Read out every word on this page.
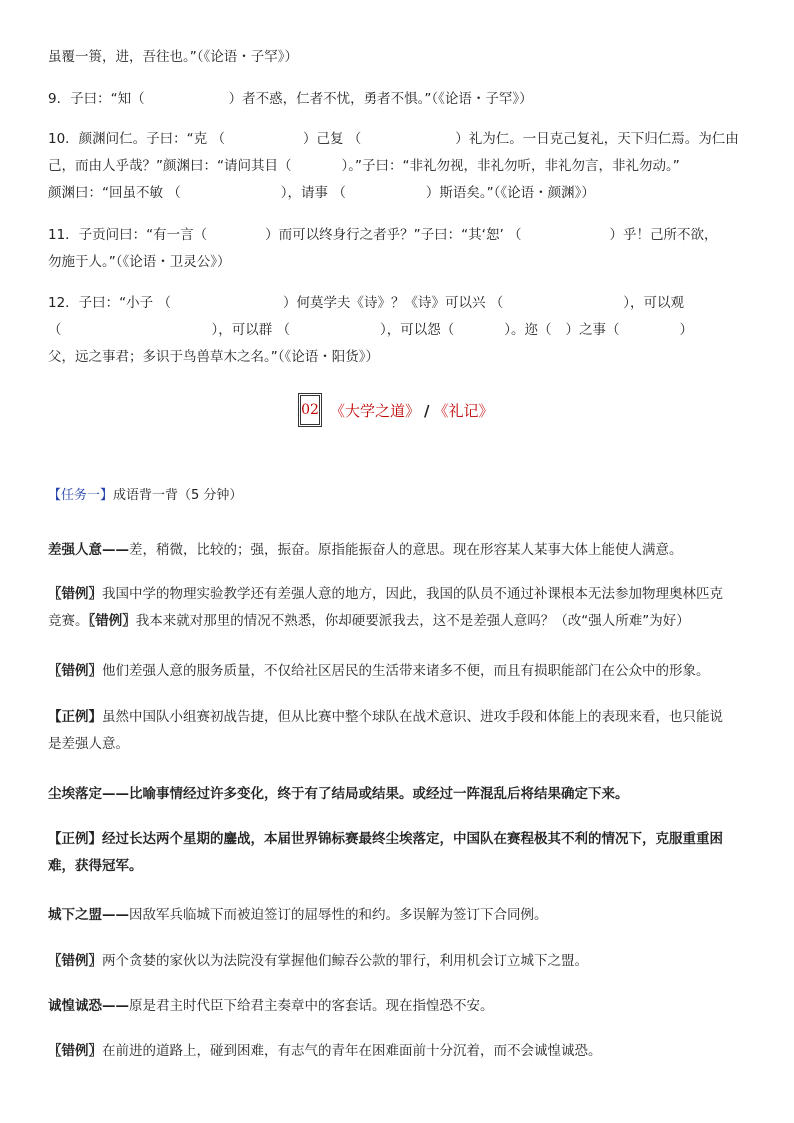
虽覆一篑，进，吾往也。”（《论语・子罕》）
9．子曰：“知（	）者不惑，仁者不忧，勇者不惧。”（《论语・子罕》）
10．颜渊问仁。子曰：“克 （	）己复 （	）礼为仁。一日克己复礼，天下归仁焉。为仁由
己，而由人乎哉？”颜渊曰：“请问其目（	）。”子曰：“非礼勿视，非礼勿听，非礼勿言，非礼勿动。”
颜渊曰：“回虽不敏 （	），请事 （	）斯语矣。”（《论语・颜渊》）
11．子贡问曰：“有一言（	）而可以终身行之者乎？”子曰：“其‘恕’ （	）乎！己所不欲，
勿施于人。”（《论语・卫灵公》）
12．子曰：“小子 （	）何莫学夫《诗》？《诗》可以兴 （	），可以观
（	），可以群 （	），可以怨（	）。迩（ ）之事（	）
父，远之事君；多识于鸟兽草木之名。”（《论语・阳货》）
02 《大学之道》 / 《礼记》
【任务一】成语背一背（5 分钟）
差强人意——差，稍微，比较的；强，振奋。原指能振奋人的意思。现在形容某人某事大体上能使人满意。
〖错例〗我国中学的物理实验教学还有差强人意的地方，因此，我国的队员不通过补课根本无法参加物理奥林匹克
竞赛。〖错例〗我本来就对那里的情况不熟悉，你却硬要派我去，这不是差强人意吗？（改“强人所难”为好）
〖错例〗他们差强人意的服务质量，不仅给社区居民的生活带来诸多不便，而且有损职能部门在公众中的形象。
【正例】虽然中国队小组赛初战告捷，但从比赛中整个球队在战术意识、进攻手段和体能上的表现来看，也只能说
是差强人意。
尘埃落定——比喻事情经过许多变化，终于有了结局或结果。或经过一阵混乱后将结果确定下来。
【正例】经过长达两个星期的鏖战，本届世界锦标赛最终尘埃落定，中国队在赛程极其不利的情况下，克服重重困
难，获得冠军。
城下之盟——因敌军兵临城下而被迫签订的屈辱性的和约。多误解为签订下合同例。
〖错例〗两个贪婪的家伙以为法院没有掌握他们鲸吞公款的罪行，利用机会订立城下之盟。
诚惶诚恐——原是君主时代臣下给君主奏章中的客套话。现在指惶恐不安。
〖错例〗在前进的道路上，碰到困难，有志气的青年在困难面前十分沉着，而不会诚惶诚恐。
